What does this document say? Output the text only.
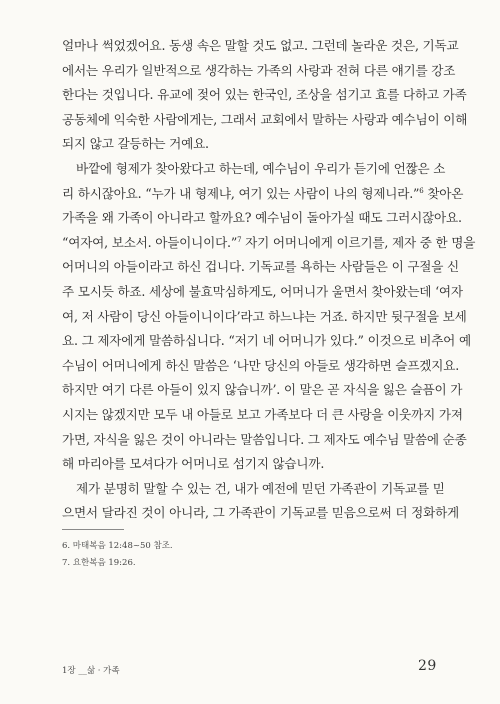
얼마나 썩었겠어요. 동생 속은 말할 것도 없고. 그런데 놀라운 것은, 기독교
에서는 우리가 일반적으로 생각하는 가족의 사랑과 전혀 다른 얘기를 강조
한다는 것입니다. 유교에 젖어 있는 한국인, 조상을 섬기고 효를 다하고 가족
공동체에 익숙한 사람에게는, 그래서 교회에서 말하는 사랑과 예수님이 이해
되지 않고 갈등하는 거예요.
바깥에 형제가 찾아왔다고 하는데, 예수님이 우리가 듣기에 언짢은 소
리 하시잖아요. “누가 내 형제냐, 여기 있는 사람이 나의 형제니라.”$^6$ 찾아온
가족을 왜 가족이 아니라고 할까요? 예수님이 돌아가실 때도 그러시잖아요.
“여자여, 보소서. 아들이니이다.”$^7$ 자기 어머니에게 이르기를, 제자 중 한 명을
어머니의 아들이라고 하신 겁니다. 기독교를 욕하는 사람들은 이 구절을 신
주 모시듯 하죠. 세상에 불효막심하게도, 어머니가 울면서 찾아왔는데 ‘여자
여, 저 사람이 당신 아들이니이다’라고 하느냐는 거죠. 하지만 뒷구절을 보세
요. 그 제자에게 말씀하십니다. “저기 네 어머니가 있다.” 이것으로 비추어 예
수님이 어머니에게 하신 말씀은 ‘나만 당신의 아들로 생각하면 슬프겠지요.
하지만 여기 다른 아들이 있지 않습니까’. 이 말은 곧 자식을 잃은 슬픔이 가
시지는 않겠지만 모두 내 아들로 보고 가족보다 더 큰 사랑을 이웃까지 가져
가면, 자식을 잃은 것이 아니라는 말씀입니다. 그 제자도 예수님 말씀에 순종
해 마리아를 모셔다가 어머니로 섬기지 않습니까.
제가 분명히 말할 수 있는 건, 내가 예전에 믿던 가족관이 기독교를 믿
으면서 달라진 것이 아니라, 그 가족관이 기독교를 믿음으로써 더 정화하게
6. 마태복음 12:48~50 참조.
7. 요한복음 19:26.
1장 __삶 · 가족	29
